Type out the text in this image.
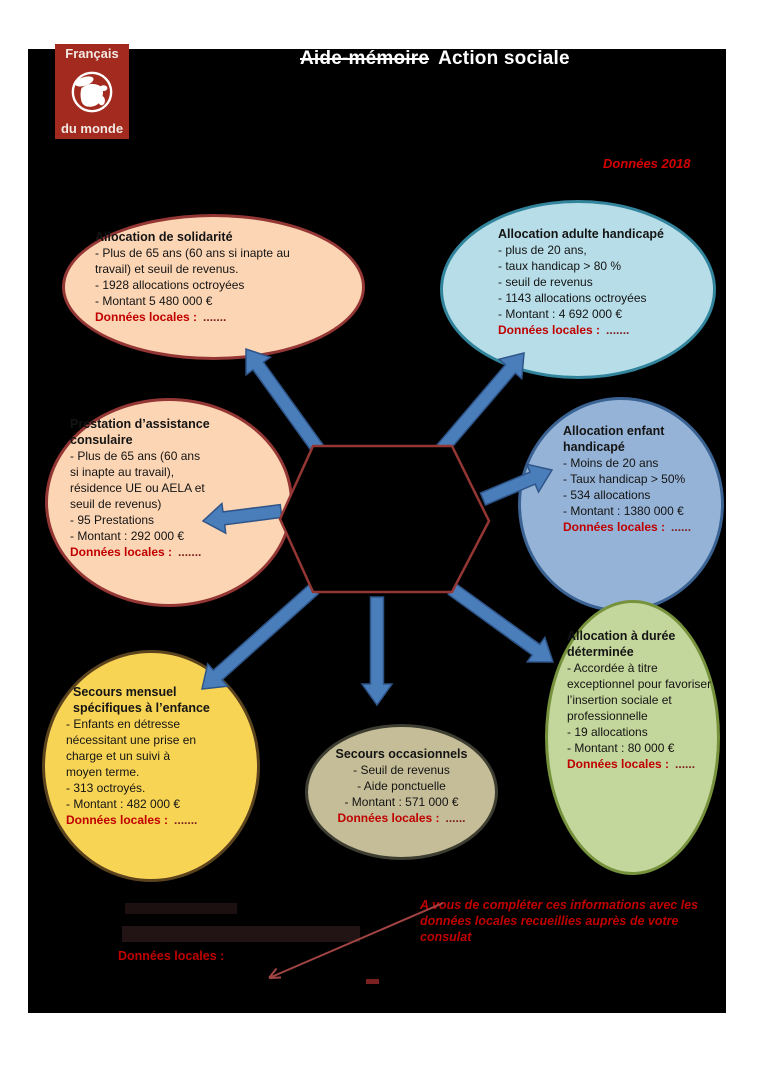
Français
du monde
Aide-mémoire Action sociale
Données 2018
Allocation de solidarité
- Plus de 65 ans (60 ans si inapte au
travail) et seuil de revenus.
- 1928 allocations octroyées
- Montant 5 480 000 €
Données locales : .......
Allocation adulte handicapé
- plus de 20 ans,
- taux handicap > 80 %
- seuil de revenus
- 1143 allocations octroyées
- Montant : 4 692 000 €
Données locales : .......
Prestation d’assistance
consulaire
- Plus de 65 ans (60 ans
si inapte au travail),
résidence UE ou AELA et
seuil de revenus)
- 95 Prestations
- Montant : 292 000 €
Données locales : .......
Allocation enfant
handicapé
- Moins de 20 ans
- Taux handicap > 50%
- 534 allocations
- Montant : 1380 000 €
Données locales : ......
Secours mensuel
spécifiques à l’enfance
- Enfants en détresse
nécessitant une prise en
charge et un suivi à
moyen terme.
- 313 octroyés.
- Montant : 482 000 €
Données locales : .......
Secours occasionnels
- Seuil de revenus
- Aide ponctuelle
- Montant : 571 000 €
Données locales : ......
Allocation à durée
déterminée
- Accordée à titre
exceptionnel pour favoriser
l’insertion sociale et
professionnelle
- 19 allocations
- Montant : 80 000 €
Données locales : ......
A vous de compléter ces informations avec les
données locales recueillies auprès de votre
consulat
Données locales :
